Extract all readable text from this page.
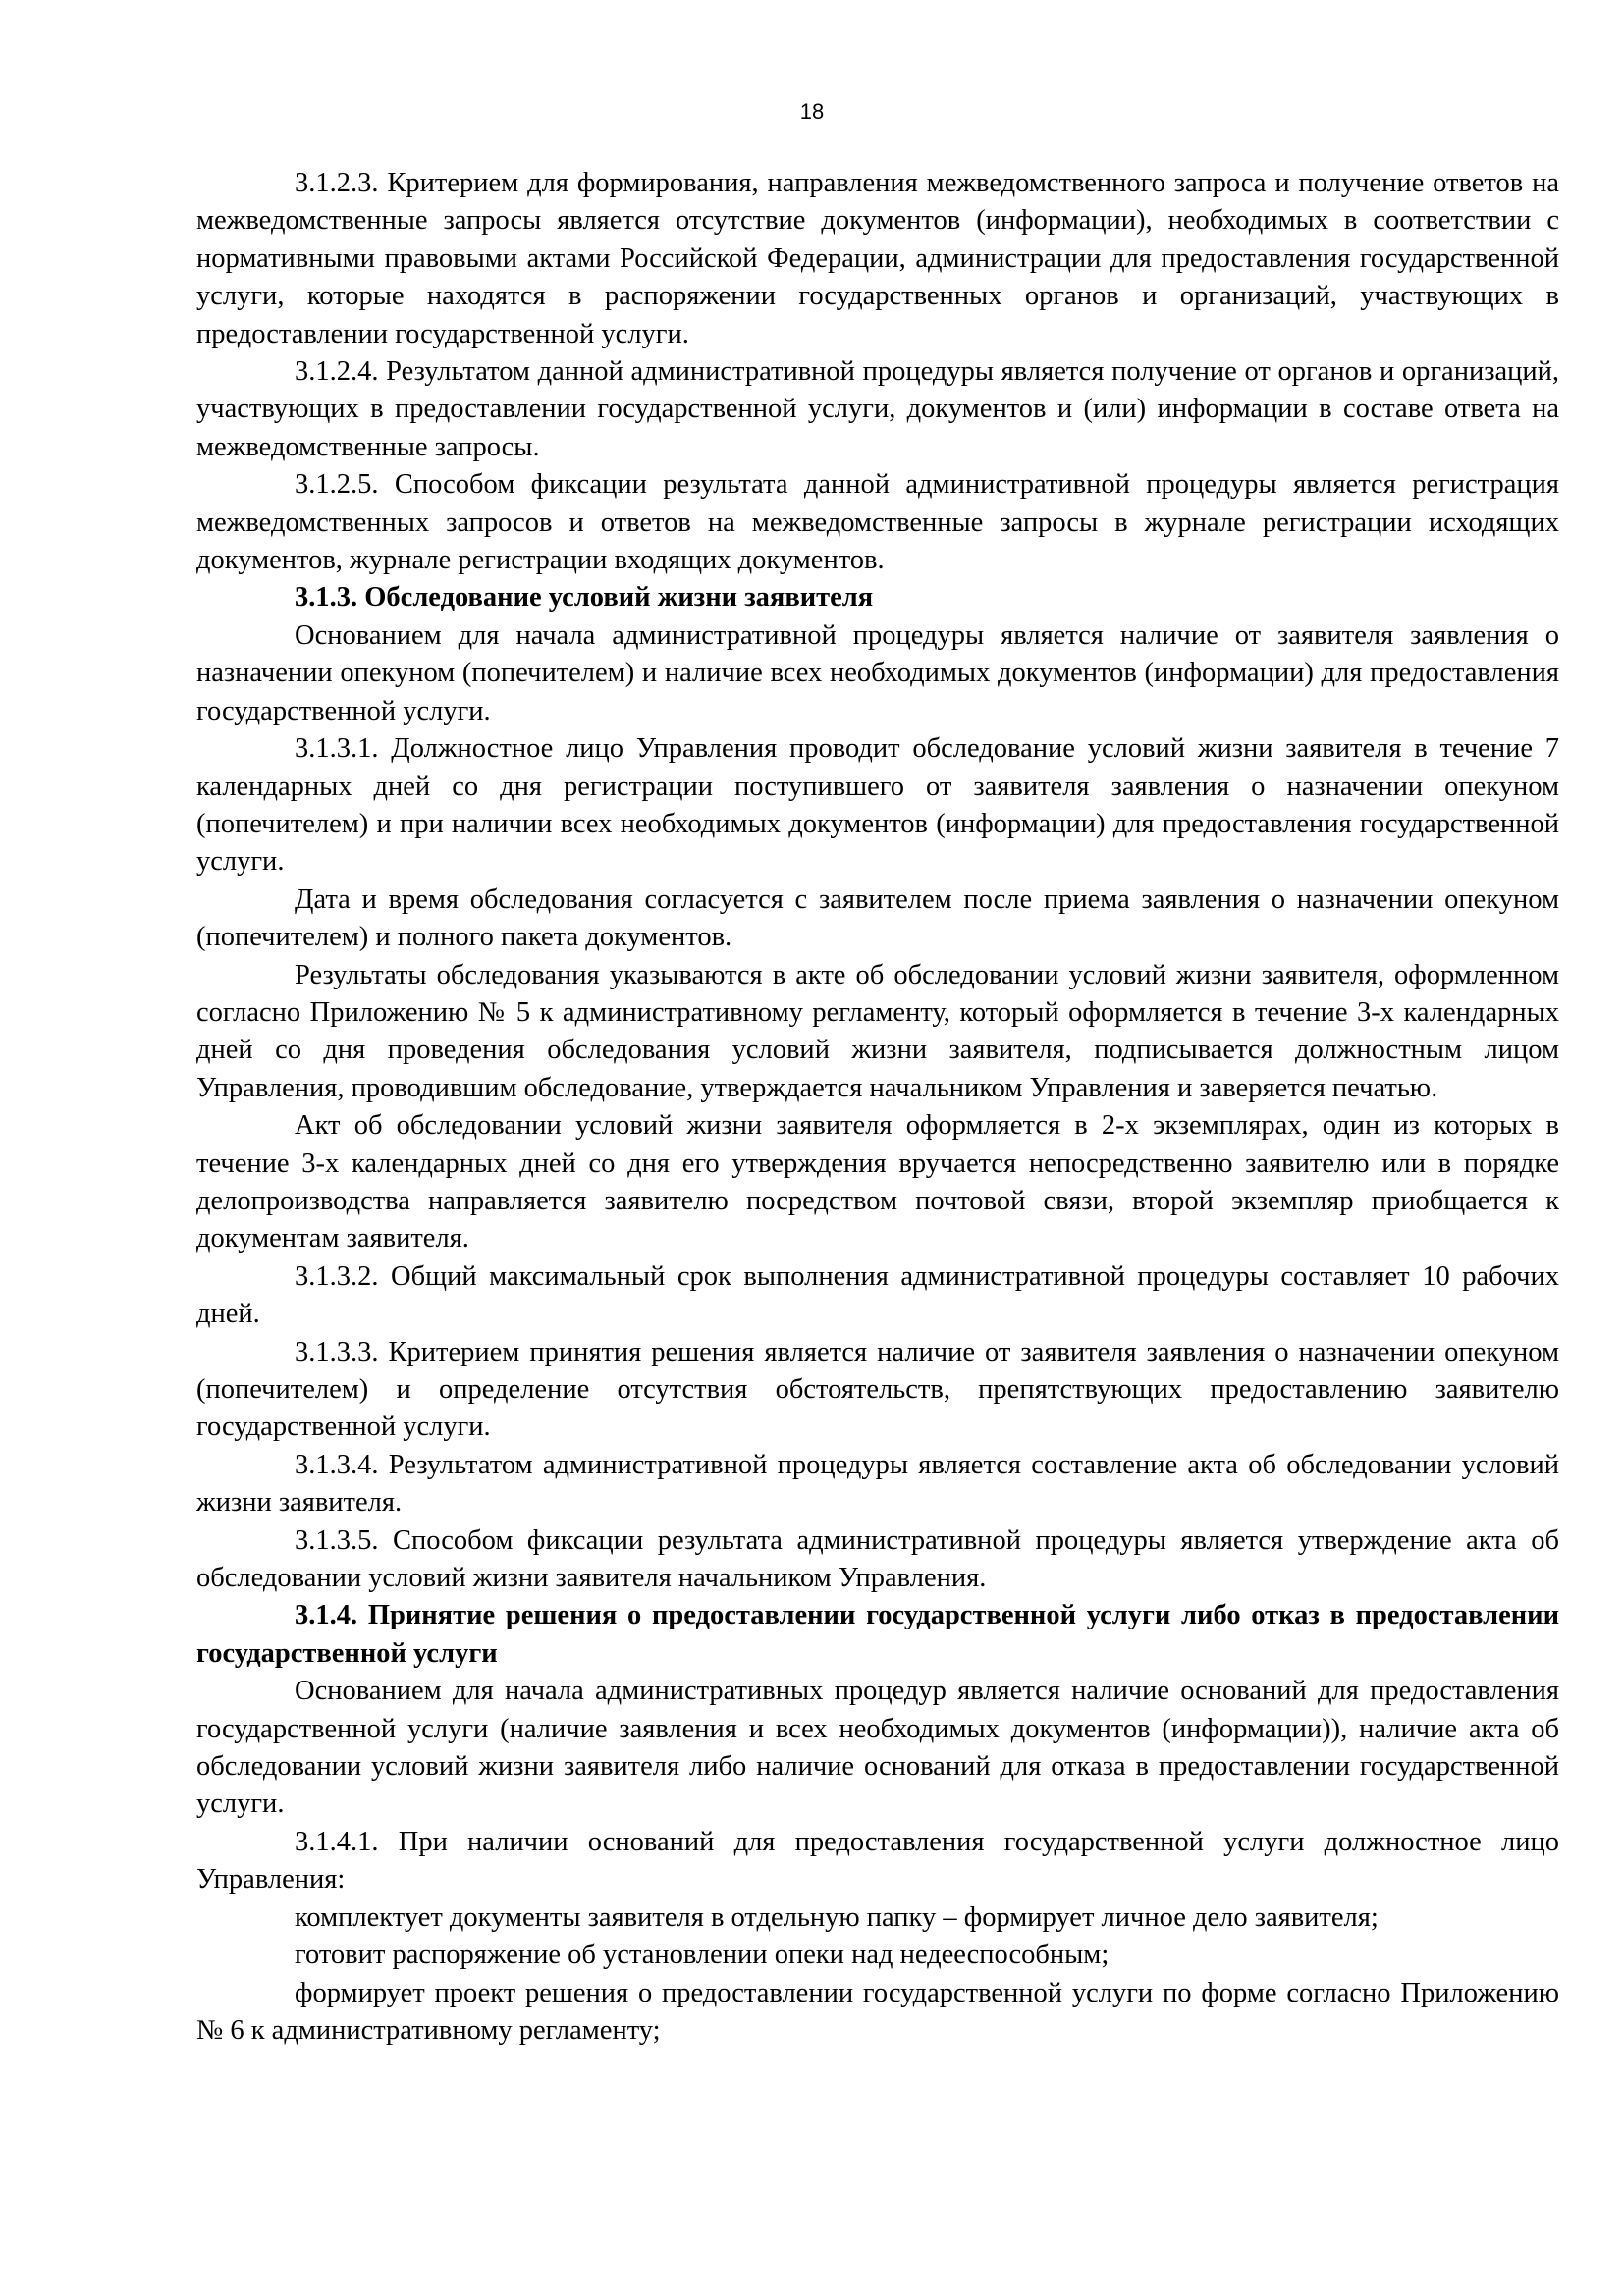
18

3.1.2.3. Критерием для формирования, направления межведомственного запроса и получение ответов на межведомственные запросы является отсутствие документов (информации), необходимых в соответствии с нормативными правовыми актами Российской Федерации, администрации для предоставления государственной услуги, которые находятся в распоряжении государственных органов и организаций, участвующих в предоставлении государственной услуги.

3.1.2.4. Результатом данной административной процедуры является получение от органов и организаций, участвующих в предоставлении государственной услуги, документов и (или) информации в составе ответа на межведомственные запросы.

3.1.2.5. Способом фиксации результата данной административной процедуры является регистрация межведомственных запросов и ответов на межведомственные запросы в журнале регистрации исходящих документов, журнале регистрации входящих документов.

3.1.3. Обследование условий жизни заявителя

Основанием для начала административной процедуры является наличие от заявителя заявления о назначении опекуном (попечителем) и наличие всех необходимых документов (информации) для предоставления государственной услуги.

3.1.3.1. Должностное лицо Управления проводит обследование условий жизни заявителя в течение 7 календарных дней со дня регистрации поступившего от заявителя заявления о назначении опекуном (попечителем) и при наличии всех необходимых документов (информации) для предоставления государственной услуги.

Дата и время обследования согласуется с заявителем после приема заявления о назначении опекуном (попечителем) и полного пакета документов.

Результаты обследования указываются в акте об обследовании условий жизни заявителя, оформленном согласно Приложению № 5 к административному регламенту, который оформляется в течение 3-х календарных дней со дня проведения обследования условий жизни заявителя, подписывается должностным лицом Управления, проводившим обследование, утверждается начальником Управления и заверяется печатью.

Акт об обследовании условий жизни заявителя оформляется в 2-х экземплярах, один из которых в течение 3-х календарных дней со дня его утверждения вручается непосредственно заявителю или в порядке делопроизводства направляется заявителю посредством почтовой связи, второй экземпляр приобщается к документам заявителя.

3.1.3.2. Общий максимальный срок выполнения административной процедуры составляет 10 рабочих дней.

3.1.3.3. Критерием принятия решения является наличие от заявителя заявления о назначении опекуном (попечителем) и определение отсутствия обстоятельств, препятствующих предоставлению заявителю государственной услуги.

3.1.3.4. Результатом административной процедуры является составление акта об обследовании условий жизни заявителя.

3.1.3.5. Способом фиксации результата административной процедуры является утверждение акта об обследовании условий жизни заявителя начальником Управления.

3.1.4. Принятие решения о предоставлении государственной услуги либо отказ в предоставлении государственной услуги

Основанием для начала административных процедур является наличие оснований для предоставления государственной услуги (наличие заявления и всех необходимых документов (информации)), наличие акта об обследовании условий жизни заявителя либо наличие оснований для отказа в предоставлении государственной услуги.

3.1.4.1. При наличии оснований для предоставления государственной услуги должностное лицо Управления:

комплектует документы заявителя в отдельную папку – формирует личное дело заявителя;

готовит распоряжение об установлении опеки над недееспособным;

формирует проект решения о предоставлении государственной услуги по форме согласно Приложению № 6 к административному регламенту;
